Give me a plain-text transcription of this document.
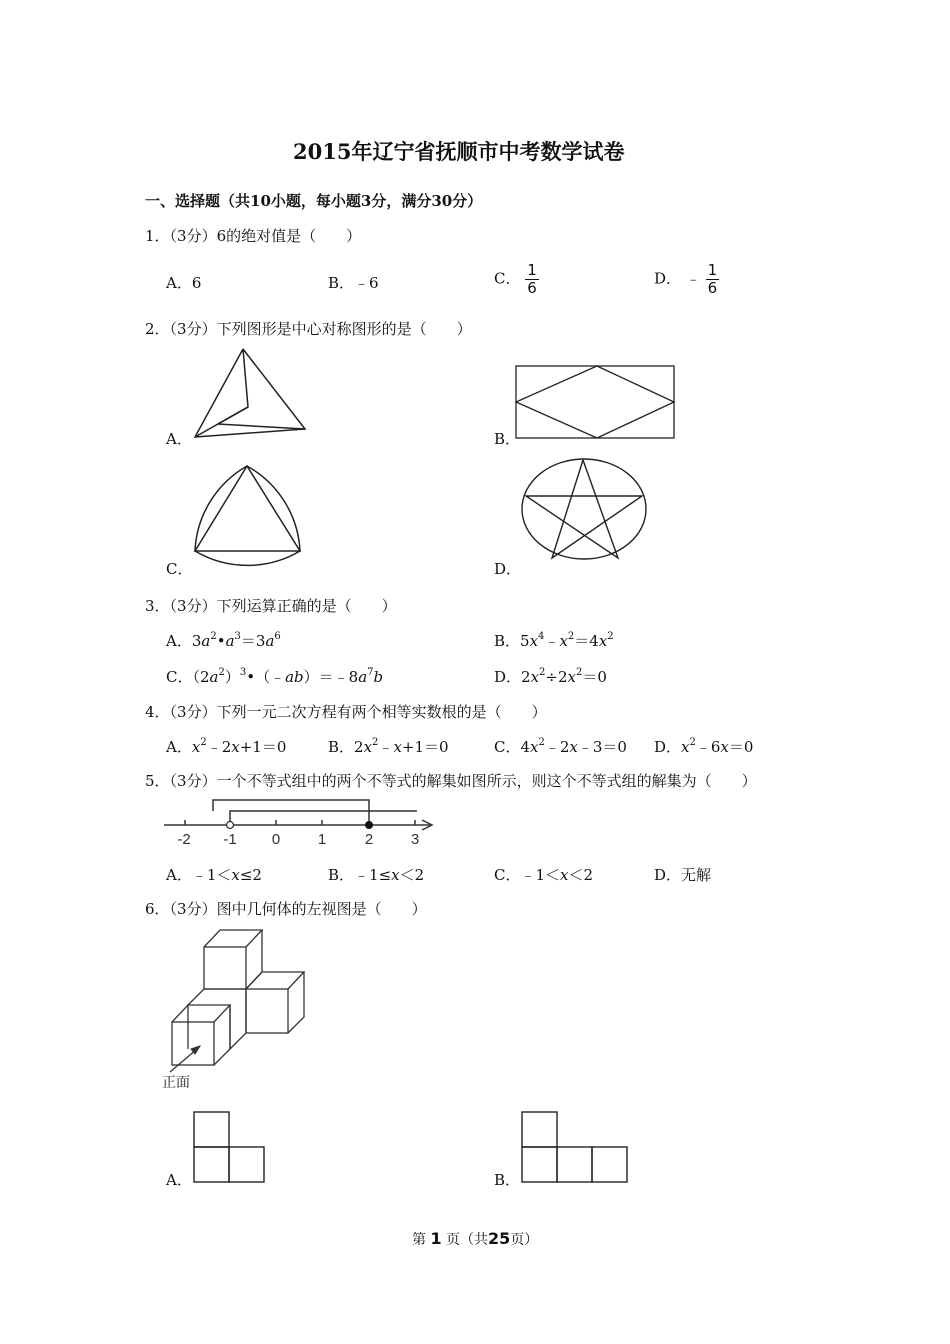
2015年辽宁省抚顺市中考数学试卷
一、选择题（共10小题，每小题3分，满分30分）
1．（3分）6的绝对值是（　　）
A．6	B．﹣6	C． $\frac{1}{6}$	D． ﹣ $\frac{1}{6}$
2．（3分）下列图形是中心对称图形的是（　　）
A．	B．
C．	D．
3．（3分）下列运算正确的是（　　）
A．$3a^2•a^3=3a^6$	B．$5x^4﹣x^2=4x^2$
C．$(2a^2)^3•(﹣ab)=﹣8a^7b$	D．$2x^2\div 2x^2=0$
4．（3分）下列一元二次方程有两个相等实数根的是（　　）
A．$x^2﹣2x+1=0$	B．$2x^2﹣x+1=0$	C．$4x^2﹣2x﹣3=0$ D．$x^2﹣6x=0$
5．（3分）一个不等式组中的两个不等式的解集如图所示，则这个不等式组的解集为（　　）
-2 -1 0	1	2	3
A．﹣1＜x≤2	B．﹣1≤x＜2	C．﹣1＜x＜2	D．无解
6．（3分）图中几何体的左视图是（　　）
正面
A．	B．
第 1 页（共25页）
